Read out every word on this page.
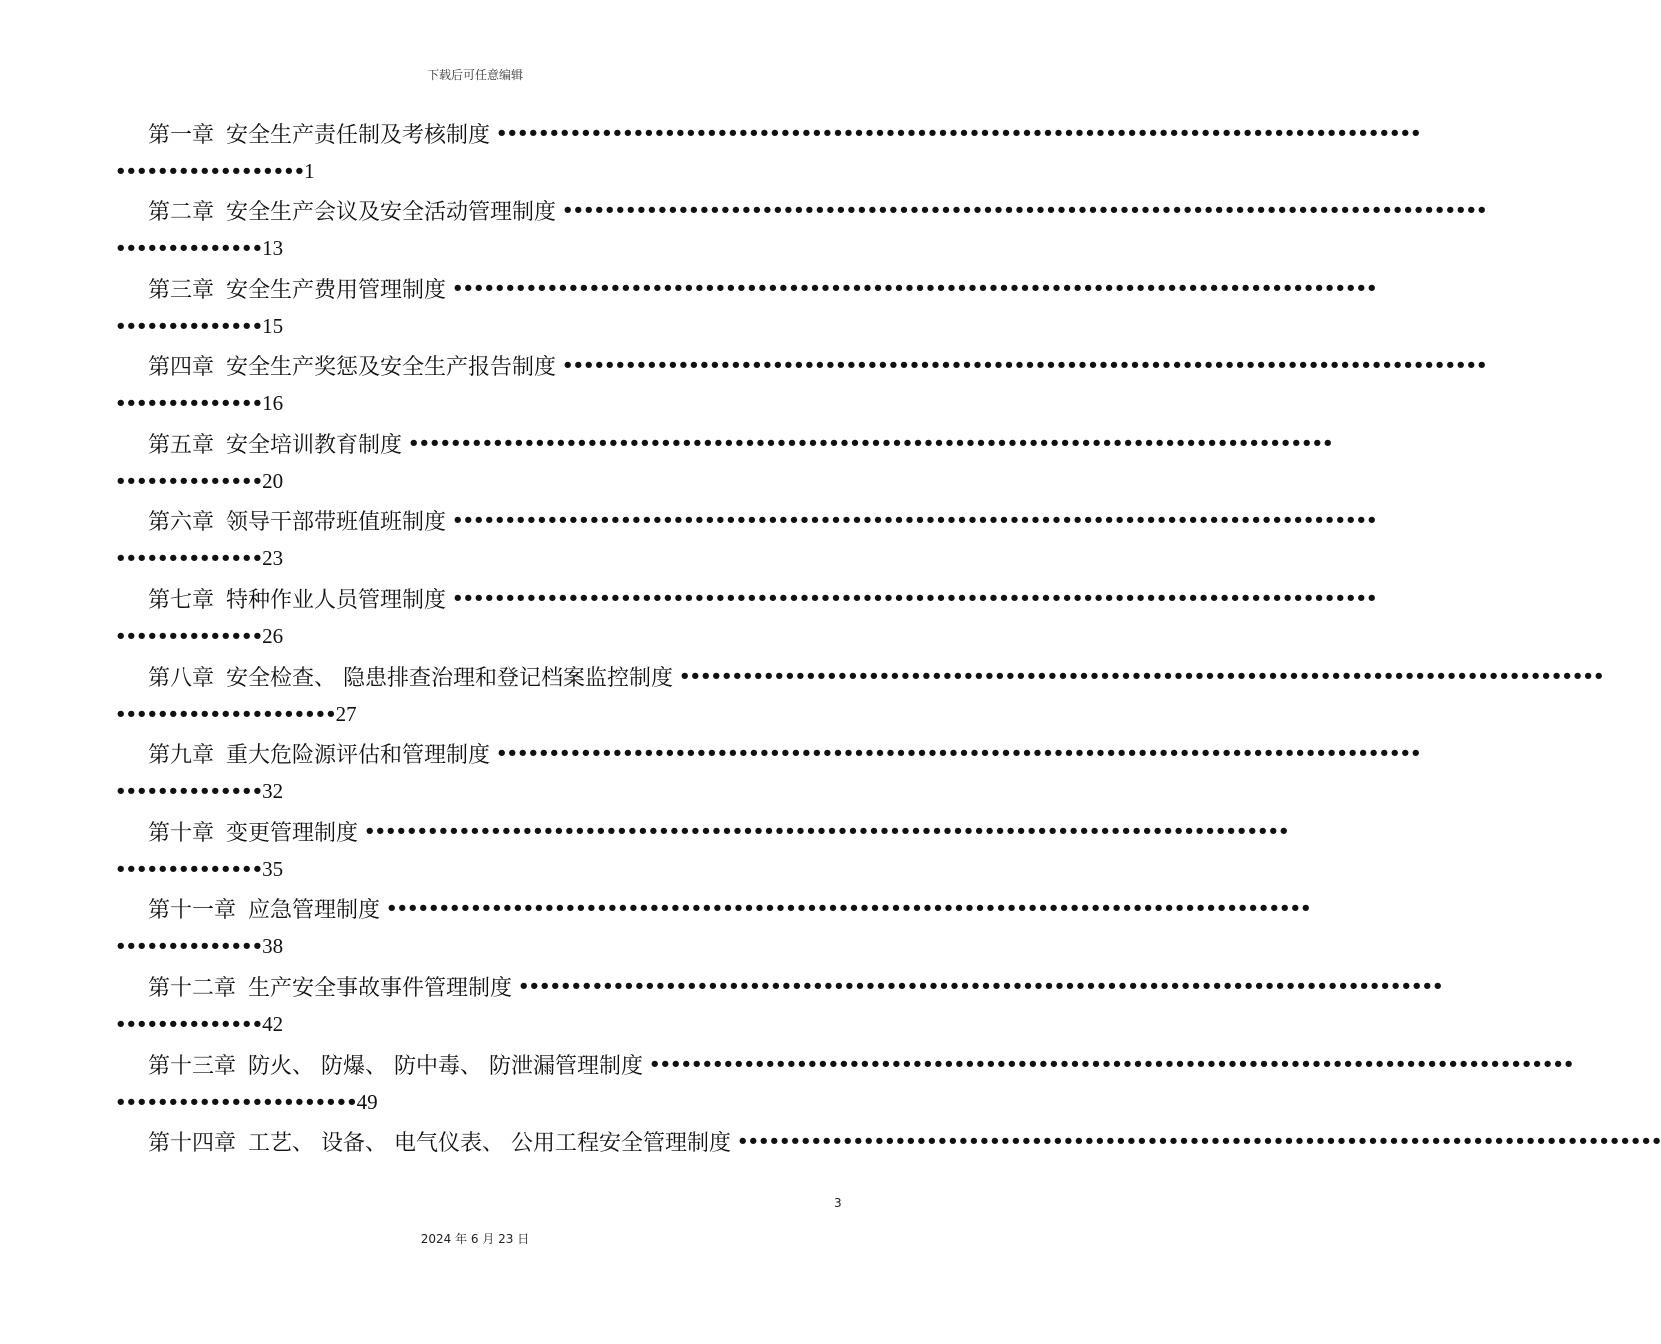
下载后可任意编辑
第一章 安全生产责任制及考核制度 ••••••••••••••••••••••••••••••••••••••••••••••••••••••••••••••••••••••••••••••••••••••••
•••••••••••••••••• 1
第二章 安全生产会议及安全活动管理制度 ••••••••••••••••••••••••••••••••••••••••••••••••••••••••••••••••••••••••••••••••••••••••
•••••••••••••• 13
第三章 安全生产费用管理制度 ••••••••••••••••••••••••••••••••••••••••••••••••••••••••••••••••••••••••••••••••••••••••
•••••••••••••• 15
第四章 安全生产奖惩及安全生产报告制度 ••••••••••••••••••••••••••••••••••••••••••••••••••••••••••••••••••••••••••••••••••••••••
•••••••••••••• 16
第五章 安全培训教育制度 ••••••••••••••••••••••••••••••••••••••••••••••••••••••••••••••••••••••••••••••••••••••••
•••••••••••••• 20
第六章 领导干部带班值班制度 ••••••••••••••••••••••••••••••••••••••••••••••••••••••••••••••••••••••••••••••••••••••••
•••••••••••••• 23
第七章 特种作业人员管理制度 ••••••••••••••••••••••••••••••••••••••••••••••••••••••••••••••••••••••••••••••••••••••••
•••••••••••••• 26
第八章 安全检查、 隐患排查治理和登记档案监控制度 ••••••••••••••••••••••••••••••••••••••••••••••••••••••••••••••••••••••••••••••••••••••••
••••••••••••••••••••• 27
第九章 重大危险源评估和管理制度 ••••••••••••••••••••••••••••••••••••••••••••••••••••••••••••••••••••••••••••••••••••••••
•••••••••••••• 32
第十章 变更管理制度 ••••••••••••••••••••••••••••••••••••••••••••••••••••••••••••••••••••••••••••••••••••••••
•••••••••••••• 35
第十一章 应急管理制度 ••••••••••••••••••••••••••••••••••••••••••••••••••••••••••••••••••••••••••••••••••••••••
•••••••••••••• 38
第十二章 生产安全事故事件管理制度 ••••••••••••••••••••••••••••••••••••••••••••••••••••••••••••••••••••••••••••••••••••••••
•••••••••••••• 42
第十三章 防火、 防爆、 防中毒、 防泄漏管理制度 ••••••••••••••••••••••••••••••••••••••••••••••••••••••••••••••••••••••••••••••••••••••••
••••••••••••••••••••••• 49
第十四章 工艺、 设备、 电气仪表、 公用工程安全管理制度 ••••••••••••••••••••••••••••••••••••••••••••••••••••••••••••••••••••••••••••••••••••••••
3
2024 年 6 月 23 日
